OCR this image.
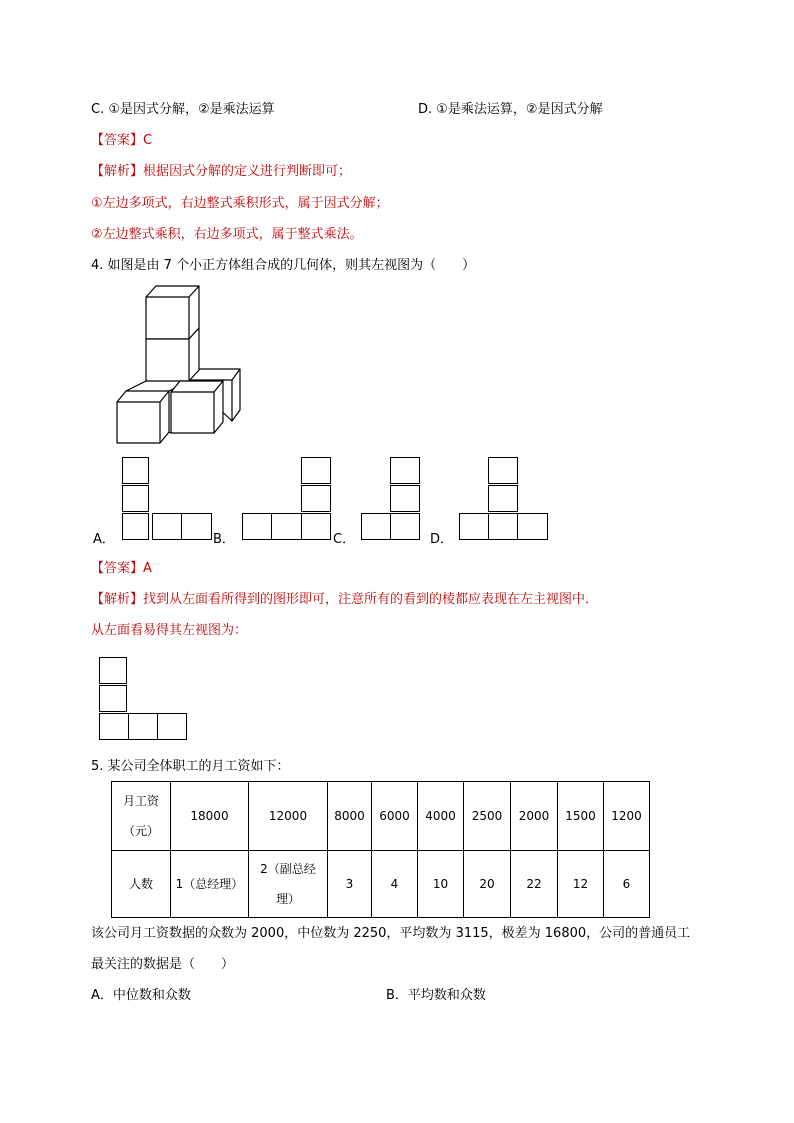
C. ①是因式分解，②是乘法运算	D. ①是乘法运算，②是因式分解
【答案】C
【解析】根据因式分解的定义进行判断即可；
①左边多项式，右边整式乘积形式，属于因式分解；
②左边整式乘积，右边多项式，属于整式乘法。
4. 如图是由 7 个小正方体组合成的几何体，则其左视图为（　　）
A．	B．	C．	D．
【答案】A
【解析】找到从左面看所得到的图形即可，注意所有的看到的棱都应表现在左主视图中．
从左面看易得其左视图为：
5. 某公司全体职工的月工资如下：
月工资
（元）	18000	12000	8000	6000	4000	2500	2000	1500	1200
人数	1（总经理）	2（副总经
理）	3	4	10	20	22	12	6
该公司月工资数据的众数为 2000，中位数为 2250，平均数为 3115，极差为 16800，公司的普通员工
最关注的数据是（　　）
A．中位数和众数	B．平均数和众数
